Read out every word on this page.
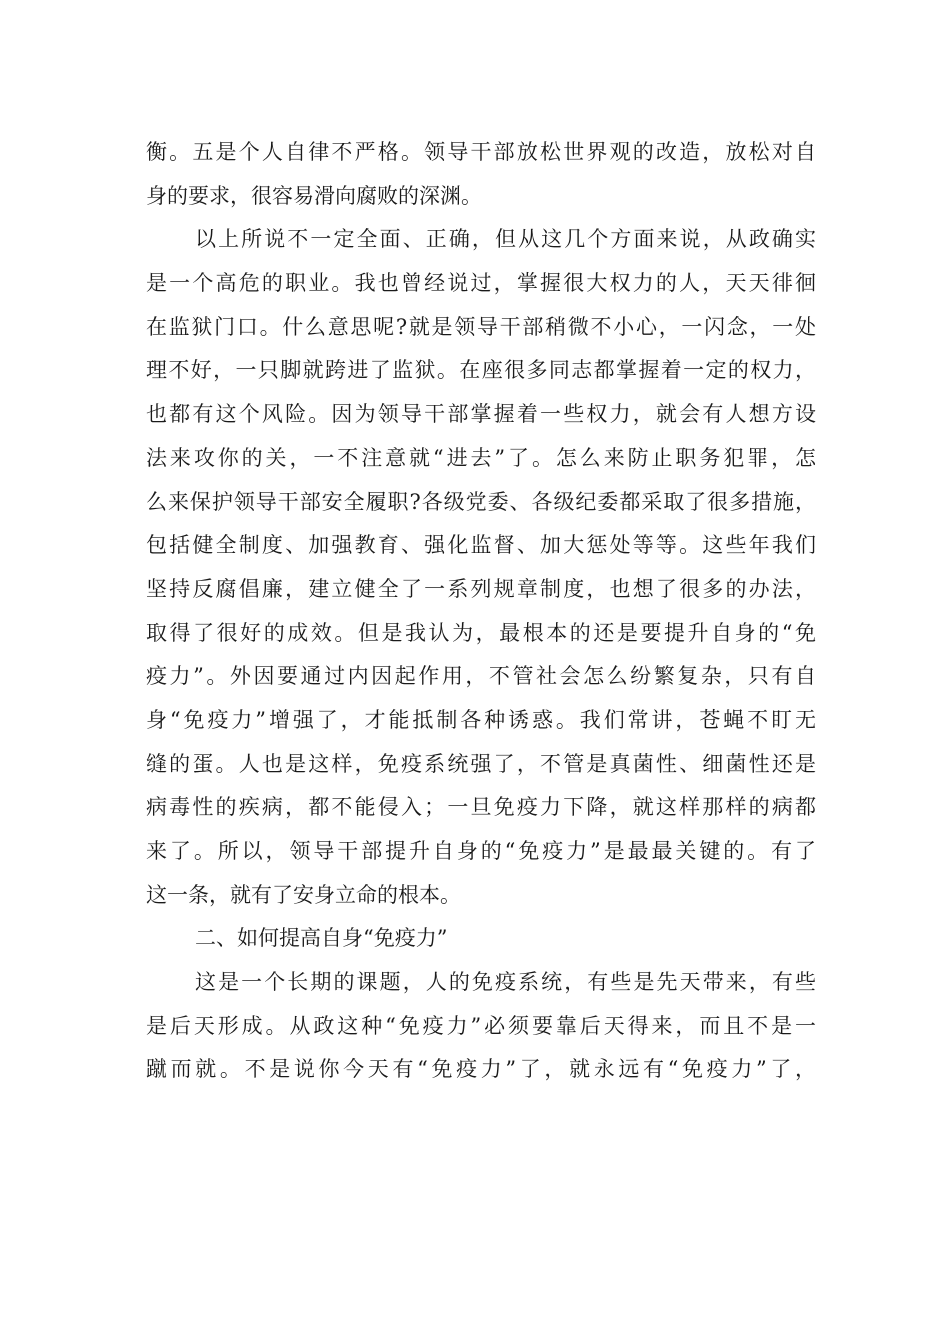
衡。五是个人自律不严格。领导干部放松世界观的改造，放松对自
身的要求，很容易滑向腐败的深渊。
以上所说不一定全面、正确，但从这几个方面来说，从政确实
是一个高危的职业。我也曾经说过，掌握很大权力的人，天天徘徊
在监狱门口。什么意思呢?就是领导干部稍微不小心，一闪念，一处
理不好，一只脚就跨进了监狱。在座很多同志都掌握着一定的权力，
也都有这个风险。因为领导干部掌握着一些权力，就会有人想方设
法来攻你的关，一不注意就“进去”了。怎么来防止职务犯罪，怎
么来保护领导干部安全履职?各级党委、各级纪委都采取了很多措施，
包括健全制度、加强教育、强化监督、加大惩处等等。这些年我们
坚持反腐倡廉，建立健全了一系列规章制度，也想了很多的办法，
取得了很好的成效。但是我认为，最根本的还是要提升自身的“免
疫力”。外因要通过内因起作用，不管社会怎么纷繁复杂，只有自
身“免疫力”增强了，才能抵制各种诱惑。我们常讲，苍蝇不盯无
缝的蛋。人也是这样，免疫系统强了，不管是真菌性、细菌性还是
病毒性的疾病，都不能侵入；一旦免疫力下降，就这样那样的病都
来了。所以，领导干部提升自身的“免疫力”是最最关键的。有了
这一条，就有了安身立命的根本。
二、如何提高自身“免疫力”
这是一个长期的课题，人的免疫系统，有些是先天带来，有些
是后天形成。从政这种“免疫力”必须要靠后天得来，而且不是一
蹴而就。不是说你今天有“免疫力”了，就永远有“免疫力”了，
